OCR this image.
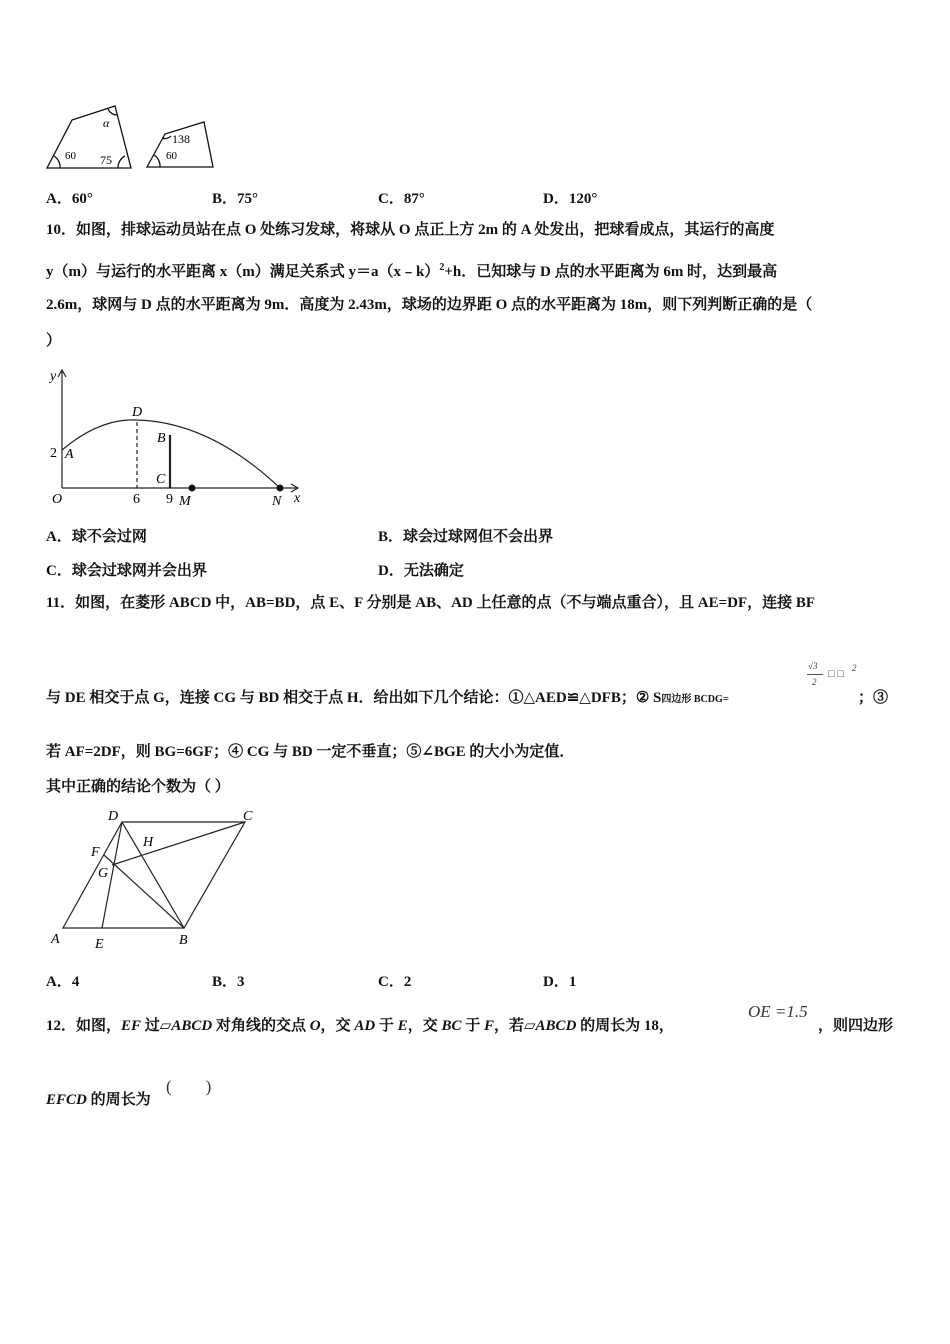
α
60 75
138
60
A．60°	B．75°	C．87°	D．120°
10．如图，排球运动员站在点 O 处练习发球，将球从 O 点正上方 2m 的 A 处发出，把球看成点，其运行的高度
y（m）与运行的水平距离 x（m）满足关系式 y＝a（x﹣k）$^2$+h．已知球与 D 点的水平距离为 6m 时，达到最高
2.6m，球网与 D 点的水平距离为 9m．高度为 2.43m，球场的边界距 O 点的水平距离为 18m，则下列判断正确的是（
）
y
x
O
2 A
D
B
C
6 9 M	N
A．球不会过网	B．球会过球网但不会出界
C．球会过球网并会出界	D．无法确定
11．如图，在菱形 ABCD 中，AB=BD，点 E、F 分别是 AB、AD 上任意的点（不与端点重合），且 AE=DF，连接 BF
与 DE 相交于点 G，连接 CG 与 BD 相交于点 H．给出如下几个结论：①△AED≌△DFB；② S四边形 BCDG=
√3
2
□ □ 2
；③
若 AF=2DF，则 BG=6GF；④ CG 与 BD 一定不垂直；⑤∠BGE 的大小为定值．
其中正确的结论个数为（ ）
D	C
H
F
G
A	E	B
A．4	B．3	C．2	D．1
12．如图，EF 过▱ABCD 对角线的交点 O，交 AD 于 E，交 BC 于 F，若▱ABCD 的周长为 18，
OE =1.5
，则四边形
EFCD 的周长为
(        )
